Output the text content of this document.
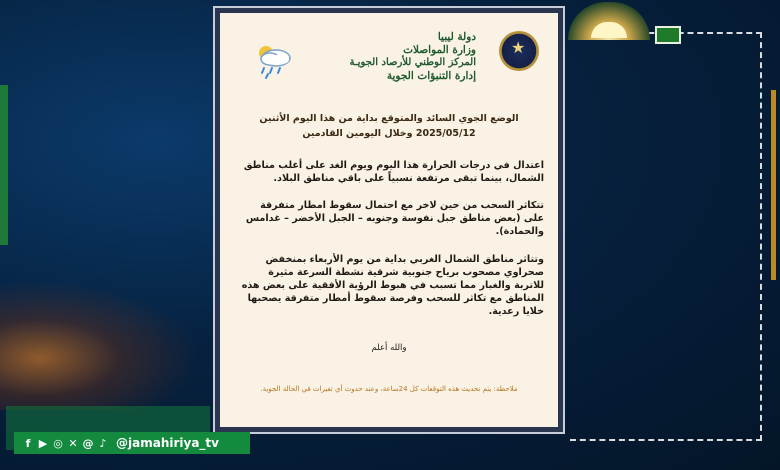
★
دولة ليبيا
وزارة المواصلات
المركز الوطني للأرصاد الجويـة
إدارة التنبؤات الجوية
الوضع الجوي السائد والمتوقع بداية من هذا اليوم الأثنين
2025/05/12 وخلال اليومين القادمين
اعتدال في درجات الحرارة هذا اليوم ويوم الغد على أغلب مناطق الشمال، بينما تبقى مرتفعة نسبياً على باقي مناطق البلاد.
تتكاثر السحب من حين لاخر مع احتمال سقوط امطار متفرقة على (بعض مناطق جبل نفوسة وجنوبه – الجبل الأخضر – غدامس والحمادة).
وتتاثر مناطق الشمال الغربي بداية من يوم الأربعاء بمنخفض صحراوي مصحوب برياح جنوبية شرقية نشطة السرعة مثيرة للاتربة والغبار مما تسبب في هبوط الرؤية الأفقية على بعض هذه المناطق مع تكاثر للسحب وفرصة سقوط أمطار متفرقة يصحبها خلايا رعدية.
والله أعلم
ملاحظة: يتم تحديث هذه التوقعات كل 24ساعة، وعند حدوث أي تغيرات في الحالة الجوية.
f ▶ ◎ ✕ @ ♪ @jamahiriya_tv
